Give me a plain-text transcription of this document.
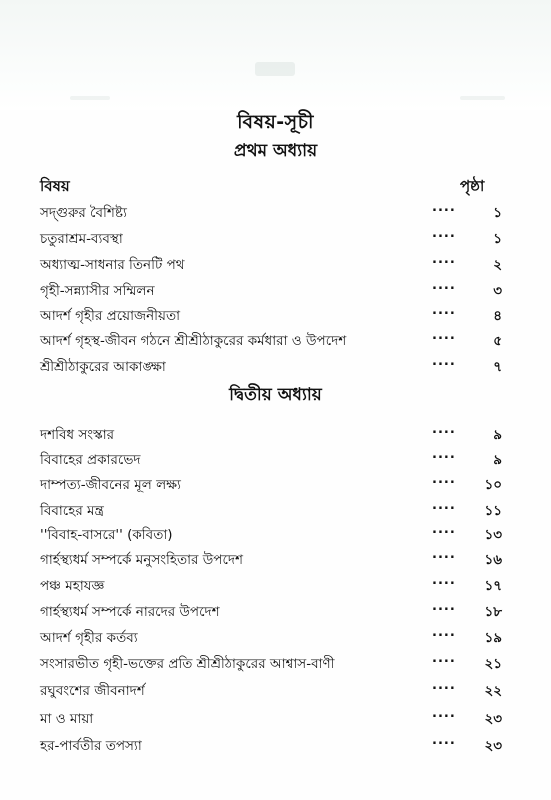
বিষয়-সূচী
প্রথম অধ্যায়
বিষয়	পৃষ্ঠা
সদ্‌গুরুর বৈশিষ্ট্য	....	১
চতুরাশ্রম-ব্যবস্থা	....	১
অধ্যাত্ম-সাধনার তিনটি পথ	....	২
গৃহী-সন্ন্যাসীর সম্মিলন	....	৩
আদর্শ গৃহীর প্রয়োজনীয়তা	....	৪
আদর্শ গৃহস্থ-জীবন গঠনে শ্রীশ্রীঠাকুরের কর্মধারা ও উপদেশ	....	৫
শ্রীশ্রীঠাকুরের আকাঙ্ক্ষা	....	৭
দ্বিতীয় অধ্যায়
দশবিধ সংস্কার	....	৯
বিবাহের প্রকারভেদ	....	৯
দাম্পত্য-জীবনের মূল লক্ষ্য	....	১০
বিবাহের মন্ত্র	....	১১
''বিবাহ-বাসরে'' (কবিতা)	....	১৩
গার্হস্থ্যধর্ম সম্পর্কে মনুসংহিতার উপদেশ	....	১৬
পঞ্চ মহাযজ্ঞ	....	১৭
গার্হস্থ্যধর্ম সম্পর্কে নারদের উপদেশ	....	১৮
আদর্শ গৃহীর কর্তব্য	....	১৯
সংসারভীত গৃহী-ভক্তের প্রতি শ্রীশ্রীঠাকুরের আশ্বাস-বাণী	....	২১
রঘুবংশের জীবনাদর্শ	....	২২
মা ও মায়া	....	২৩
হর-পার্বতীর তপস্যা	....	২৩
